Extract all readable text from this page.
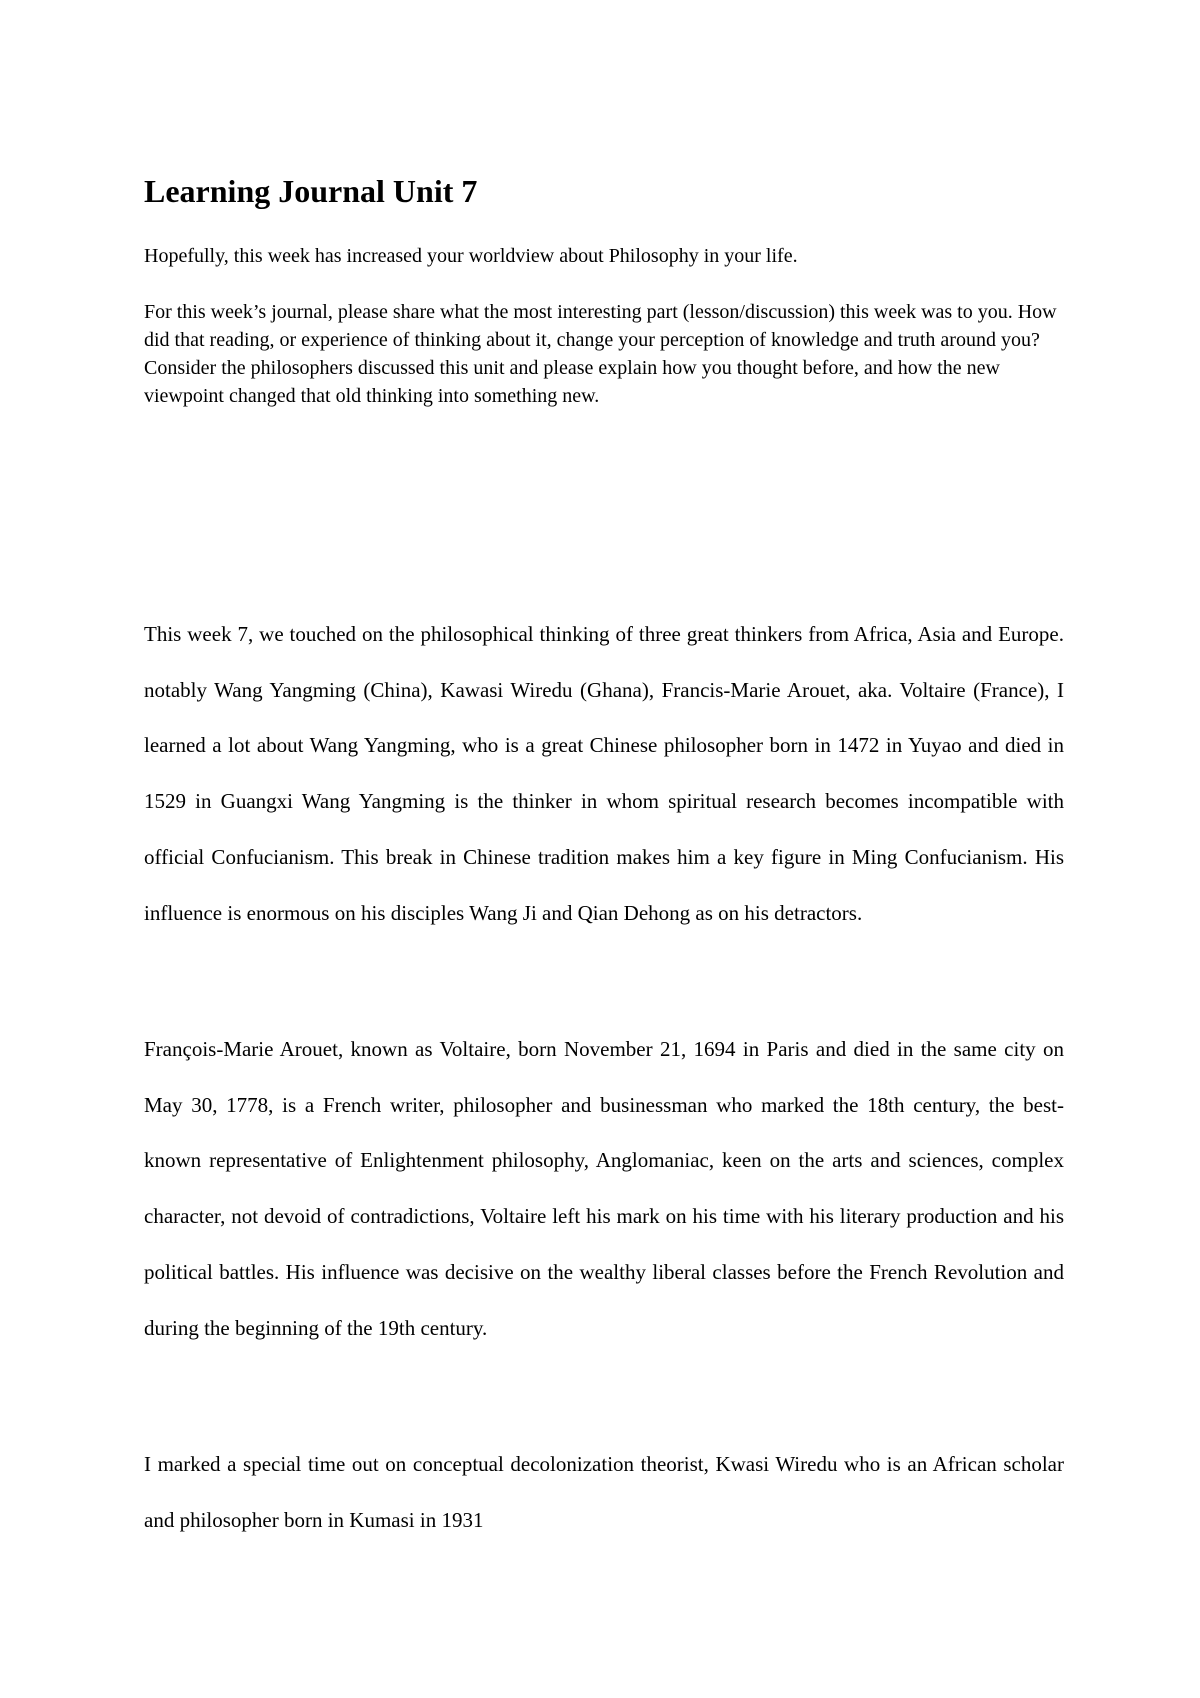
Learning Journal Unit 7

Hopefully, this week has increased your worldview about Philosophy in your life.

For this week’s journal, please share what the most interesting part (lesson/discussion) this week was to you. How did that reading, or experience of thinking about it, change your perception of knowledge and truth around you? Consider the philosophers discussed this unit and please explain how you thought before, and how the new viewpoint changed that old thinking into something new.

This week 7, we touched on the philosophical thinking of three great thinkers from Africa, Asia and Europe. notably Wang Yangming (China), Kawasi Wiredu (Ghana), Francis-Marie Arouet, aka. Voltaire (France), I learned a lot about Wang Yangming, who is a great Chinese philosopher born in 1472 in Yuyao and died in 1529 in Guangxi Wang Yangming is the thinker in whom spiritual research becomes incompatible with official Confucianism. This break in Chinese tradition makes him a key figure in Ming Confucianism. His influence is enormous on his disciples Wang Ji and Qian Dehong as on his detractors.

François-Marie Arouet, known as Voltaire, born November 21, 1694 in Paris and died in the same city on May 30, 1778, is a French writer, philosopher and businessman who marked the 18th century, the best-known representative of Enlightenment philosophy, Anglomaniac, keen on the arts and sciences, complex character, not devoid of contradictions, Voltaire left his mark on his time with his literary production and his political battles. His influence was decisive on the wealthy liberal classes before the French Revolution and during the beginning of the 19th century.

I marked a special time out on conceptual decolonization theorist, Kwasi Wiredu who is an African scholar and philosopher born in Kumasi in 1931
